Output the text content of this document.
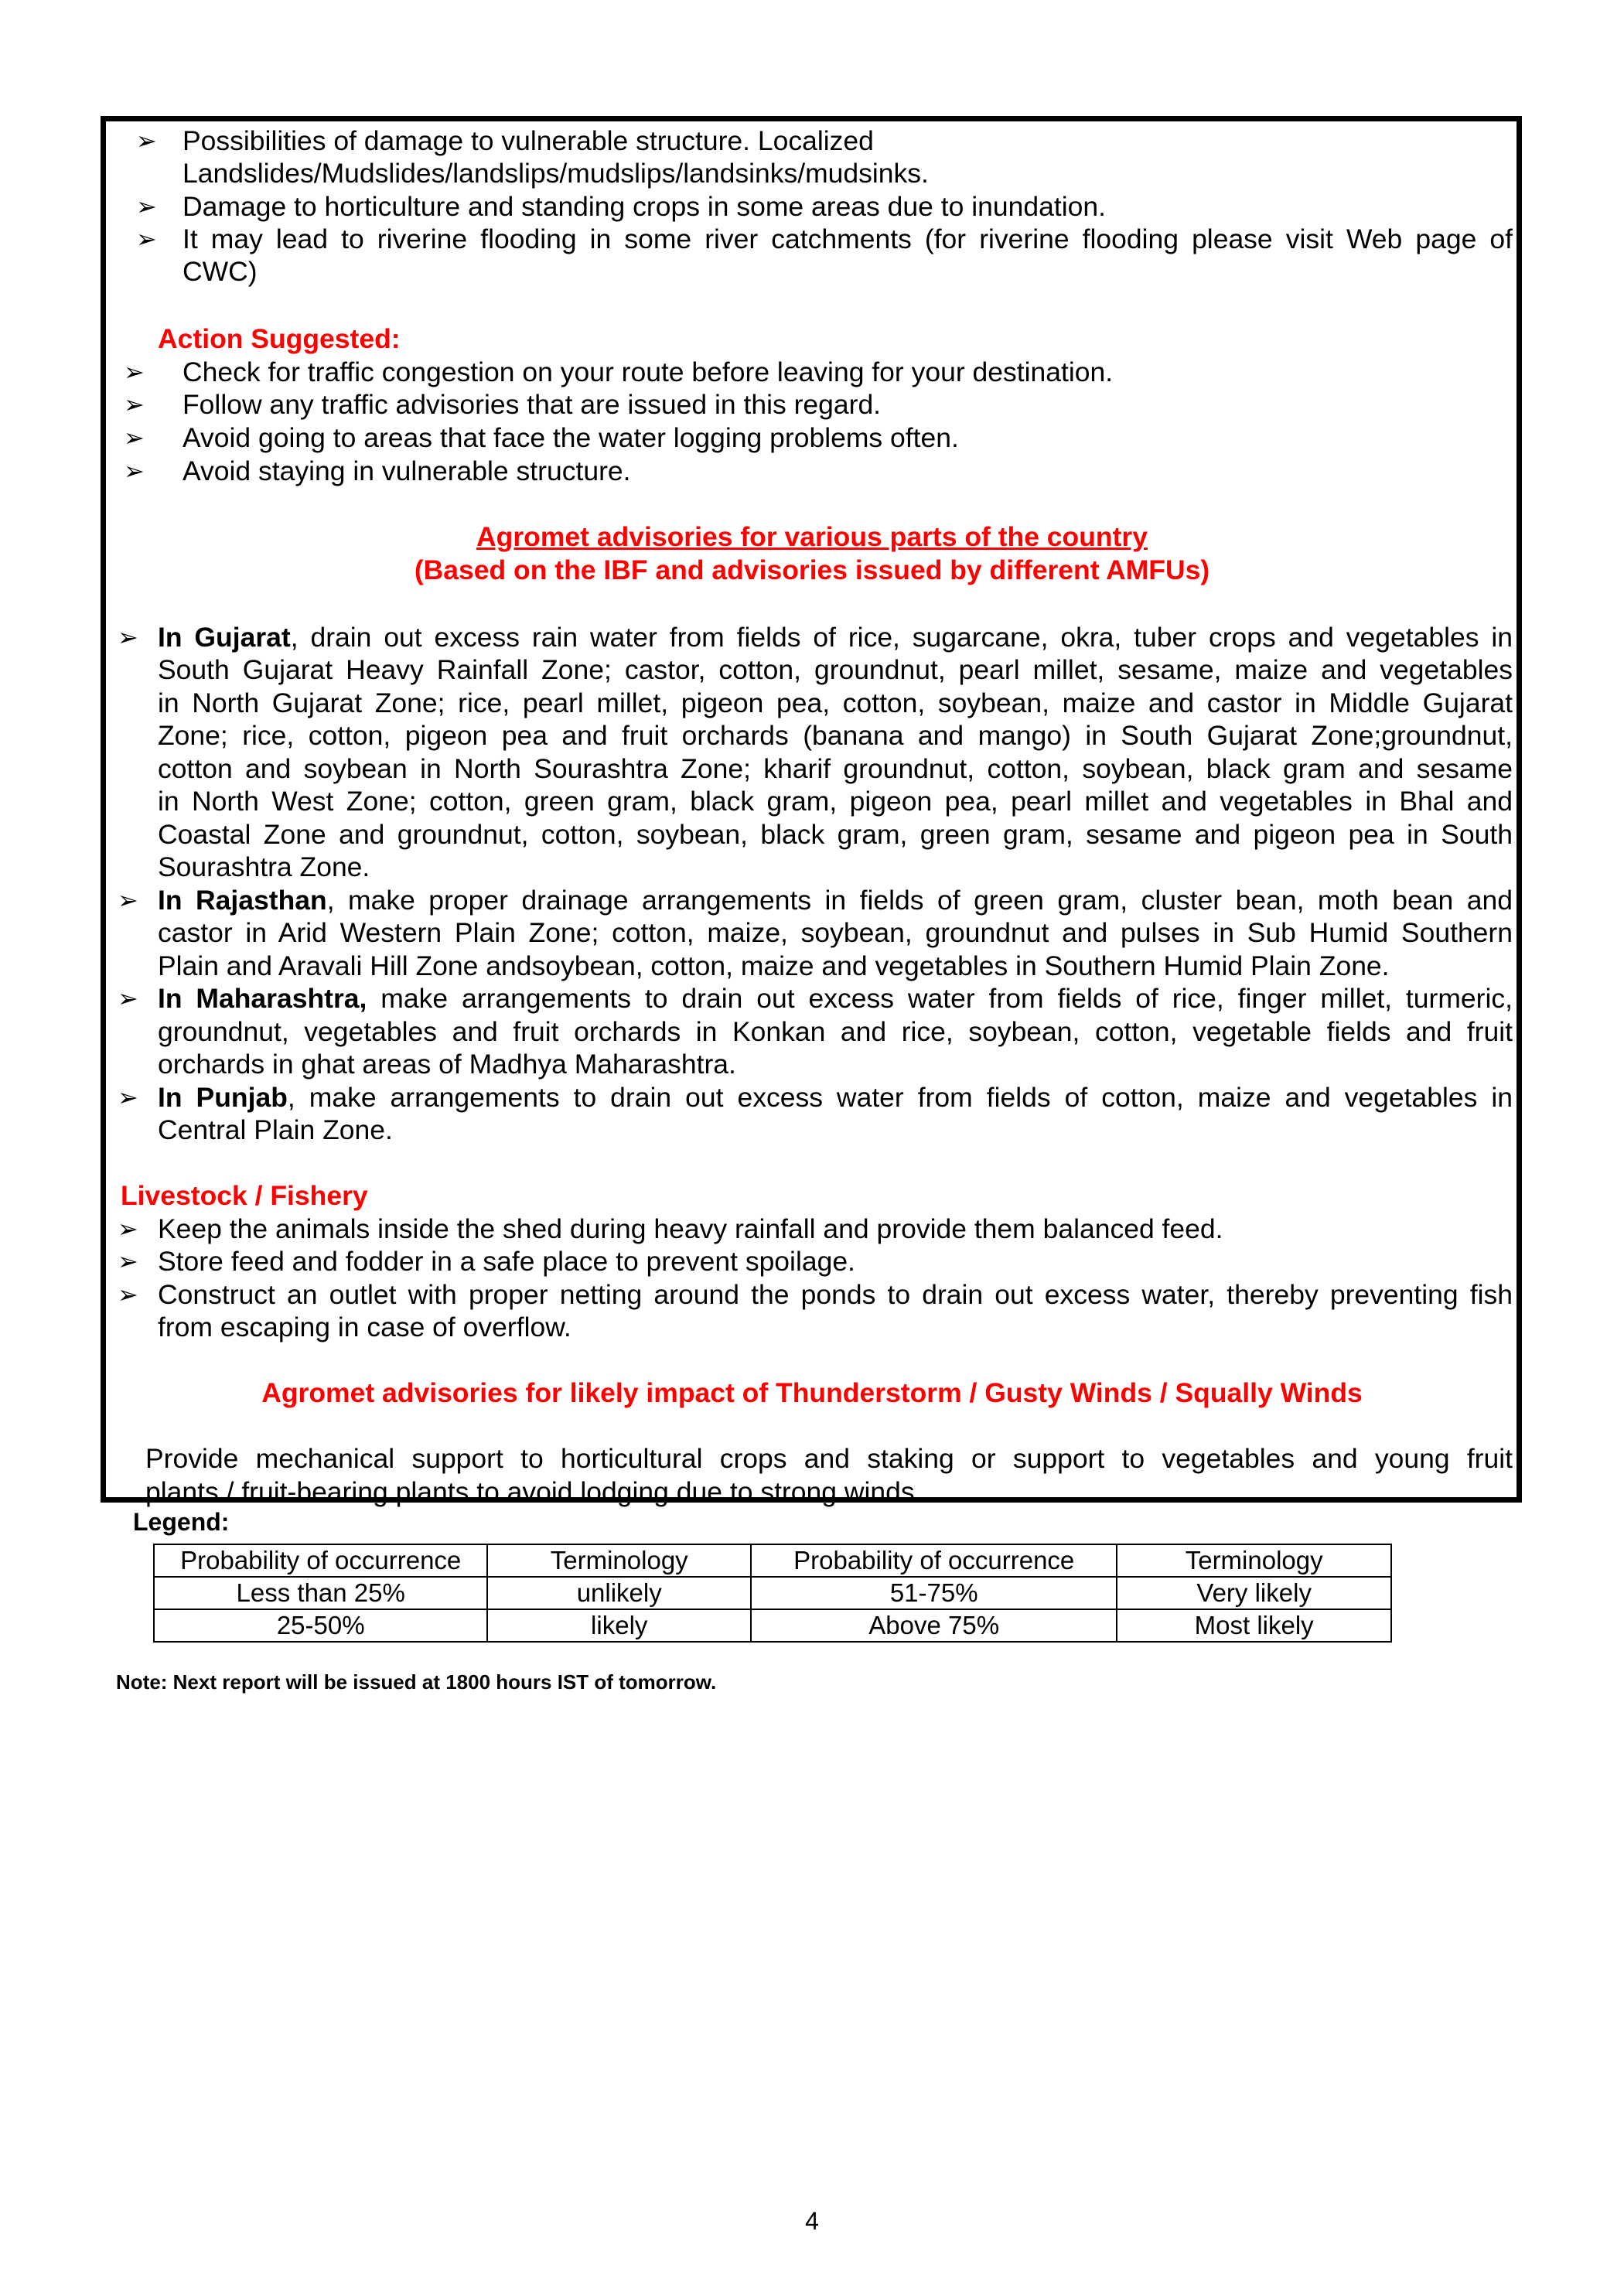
➢ Possibilities of damage to vulnerable structure. Localized
Landslides/Mudslides/landslips/mudslips/landsinks/mudsinks.
➢ Damage to horticulture and standing crops in some areas due to inundation.
➢ It may lead to riverine flooding in some river catchments (for riverine flooding please visit Web page of
CWC)
Action Suggested:
➢ Check for traffic congestion on your route before leaving for your destination.
➢ Follow any traffic advisories that are issued in this regard.
➢ Avoid going to areas that face the water logging problems often.
➢ Avoid staying in vulnerable structure.
Agromet advisories for various parts of the country
(Based on the IBF and advisories issued by different AMFUs)
➢ In Gujarat, drain out excess rain water from fields of rice, sugarcane, okra, tuber crops and vegetables in
South Gujarat Heavy Rainfall Zone; castor, cotton, groundnut, pearl millet, sesame, maize and vegetables
in North Gujarat Zone; rice, pearl millet, pigeon pea, cotton, soybean, maize and castor in Middle Gujarat
Zone; rice, cotton, pigeon pea and fruit orchards (banana and mango) in South Gujarat Zone;groundnut,
cotton and soybean in North Sourashtra Zone; kharif groundnut, cotton, soybean, black gram and sesame
in North West Zone; cotton, green gram, black gram, pigeon pea, pearl millet and vegetables in Bhal and
Coastal Zone and groundnut, cotton, soybean, black gram, green gram, sesame and pigeon pea in South
Sourashtra Zone.
➢ In Rajasthan, make proper drainage arrangements in fields of green gram, cluster bean, moth bean and
castor in Arid Western Plain Zone; cotton, maize, soybean, groundnut and pulses in Sub Humid Southern
Plain and Aravali Hill Zone andsoybean, cotton, maize and vegetables in Southern Humid Plain Zone.
➢ In Maharashtra, make arrangements to drain out excess water from fields of rice, finger millet, turmeric,
groundnut, vegetables and fruit orchards in Konkan and rice, soybean, cotton, vegetable fields and fruit
orchards in ghat areas of Madhya Maharashtra.
➢ In Punjab, make arrangements to drain out excess water from fields of cotton, maize and vegetables in
Central Plain Zone.
Livestock / Fishery
➢ Keep the animals inside the shed during heavy rainfall and provide them balanced feed.
➢ Store feed and fodder in a safe place to prevent spoilage.
➢ Construct an outlet with proper netting around the ponds to drain out excess water, thereby preventing fish
from escaping in case of overflow.
Agromet advisories for likely impact of Thunderstorm / Gusty Winds / Squally Winds
Provide mechanical support to horticultural crops and staking or support to vegetables and young fruit
plants / fruit-bearing plants to avoid lodging due to strong winds.
Legend:
Probability of occurrence	Terminology	Probability of occurrence	Terminology
Less than 25%	unlikely	51-75%	Very likely
25-50%	likely	Above 75%	Most likely
Note: Next report will be issued at 1800 hours IST of tomorrow.
4
